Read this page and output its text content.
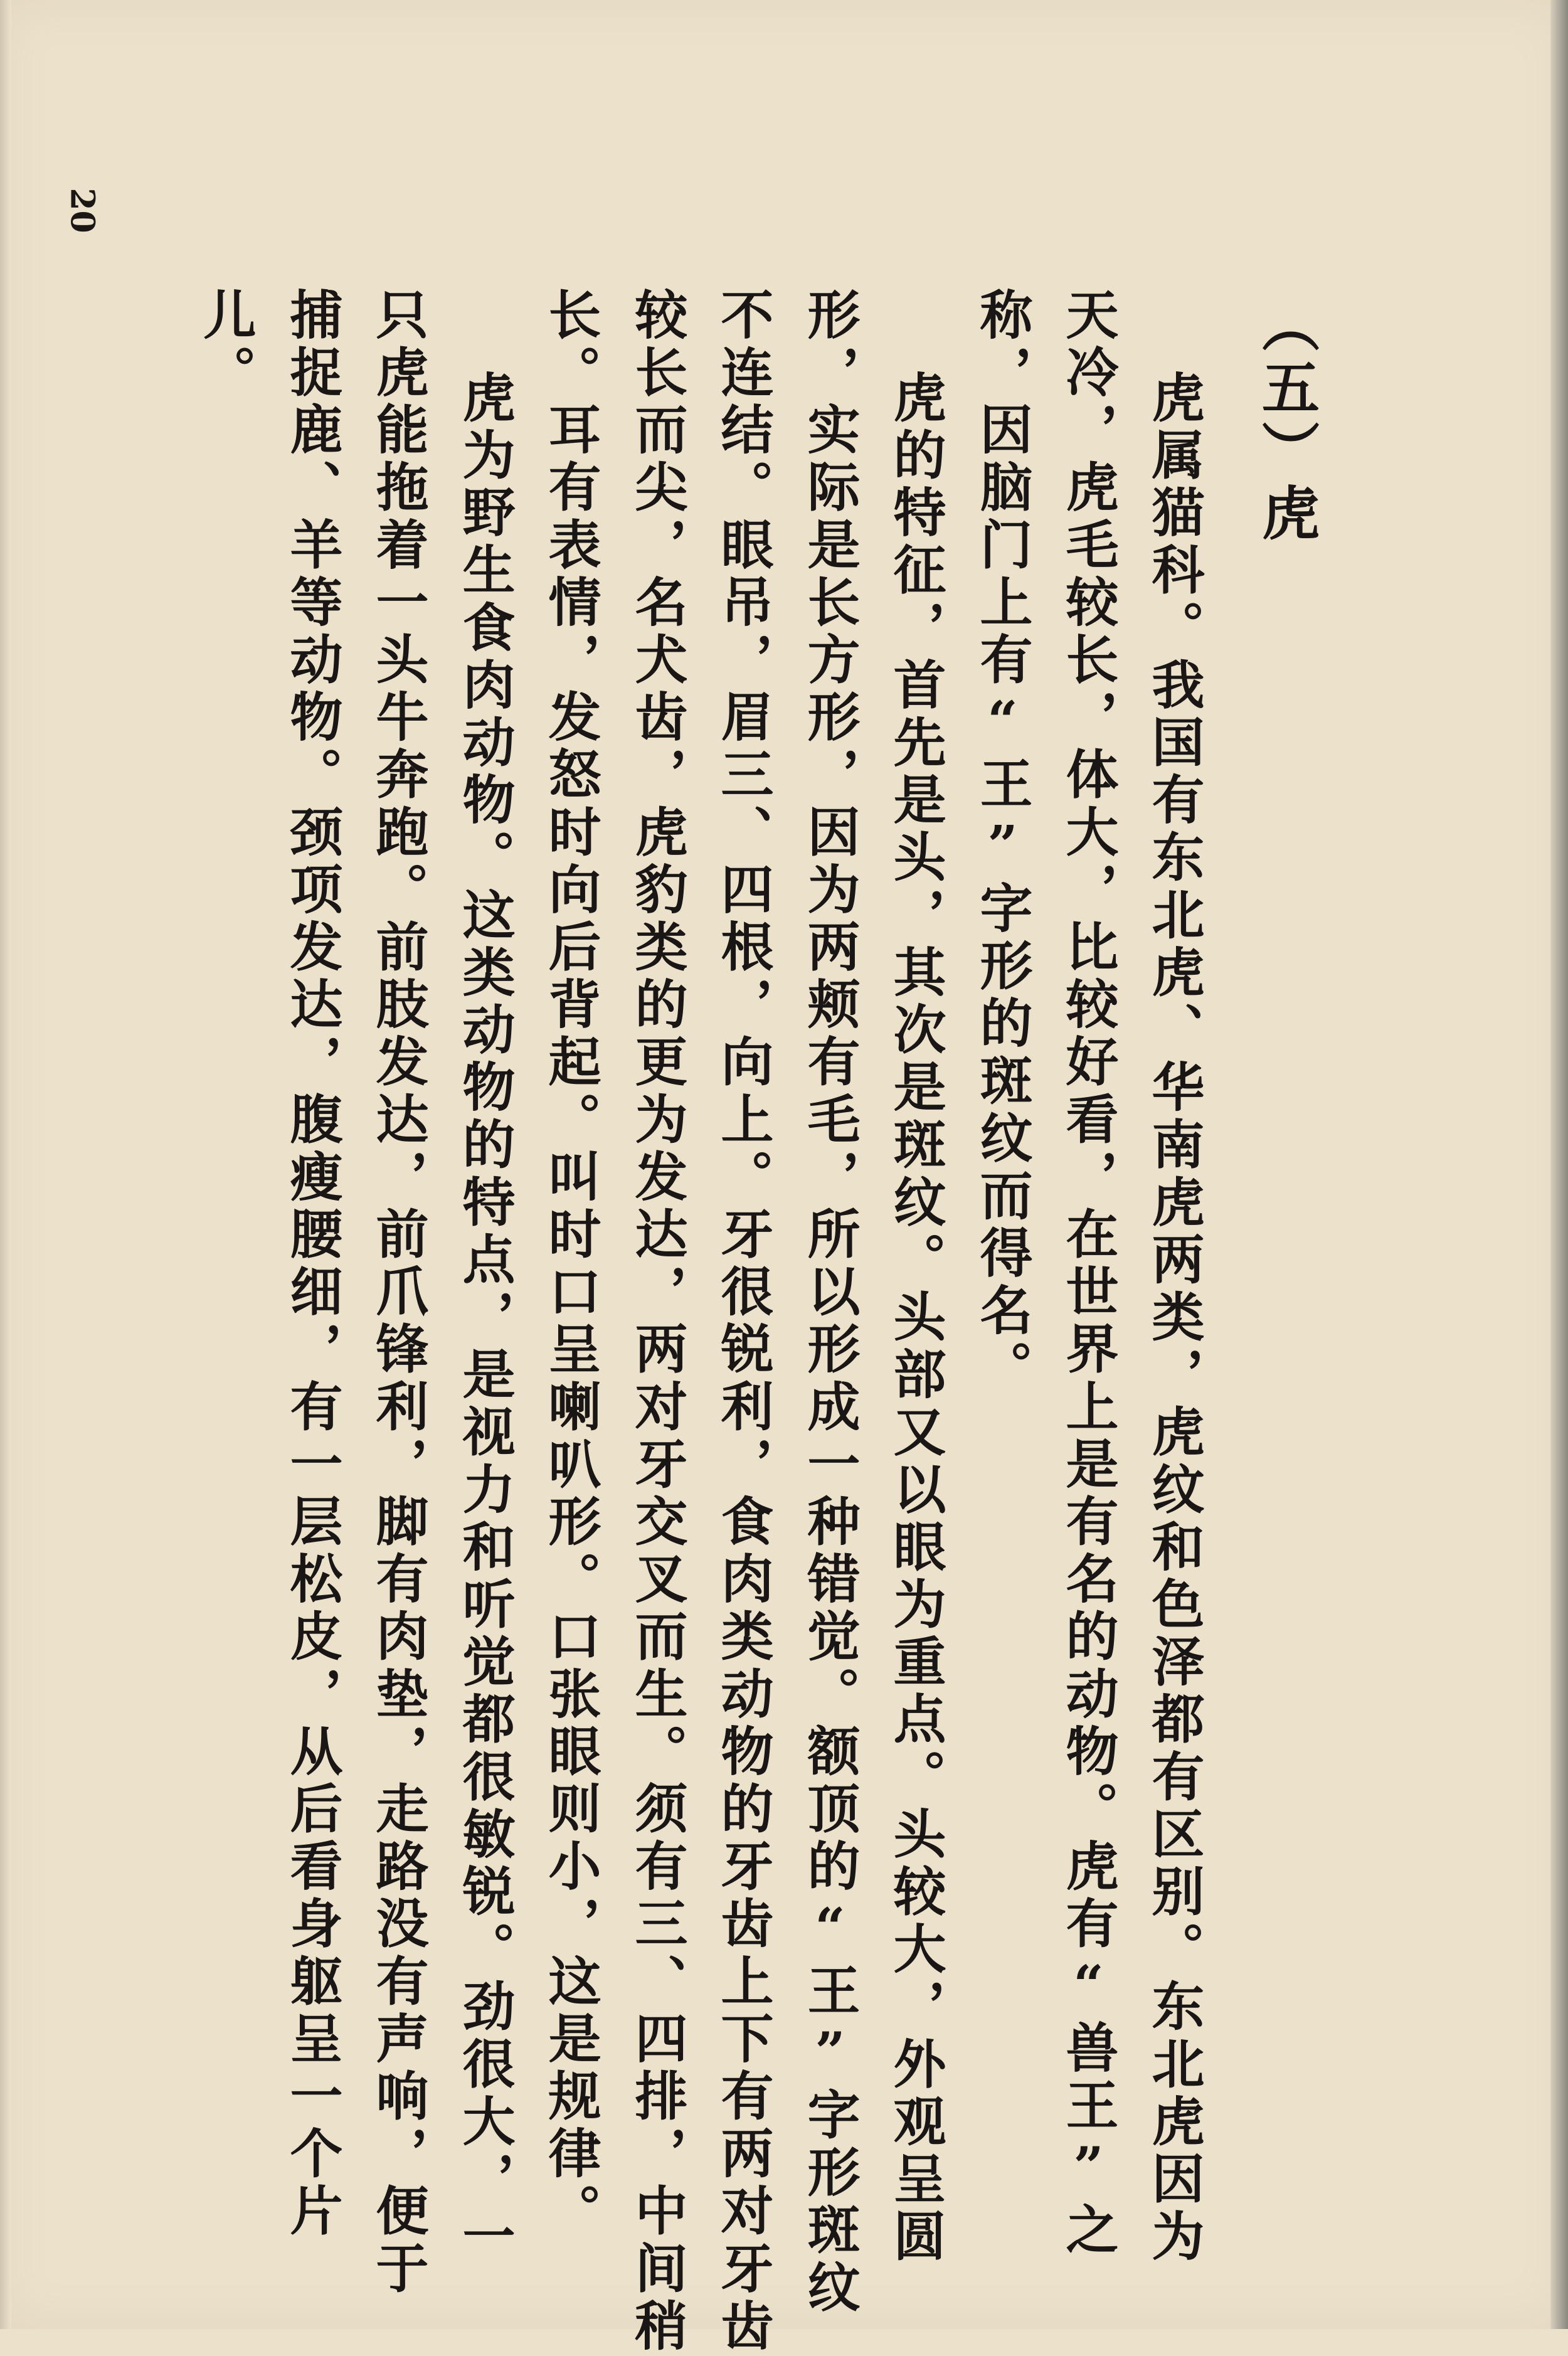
20
（五）虎
虎属猫科。我国有东北虎、华南虎两类，虎纹和色泽都有区别。东北虎因为
天冷，虎毛较长，体大，比较好看，在世界上是有名的动物。虎有“兽王”之
称，因脑门上有“王”字形的斑纹而得名。
虎的特征，首先是头，其次是斑纹。头部又以眼为重点。头较大，外观呈圆
形，实际是长方形，因为两颊有毛，所以形成一种错觉。额顶的“王”字形斑纹
不连结。眼吊，眉三、四根，向上。牙很锐利，食肉类动物的牙齿上下有两对牙齿
较长而尖，名犬齿，虎豹类的更为发达，两对牙交叉而生。须有三、四排，中间稍
长。耳有表情，发怒时向后背起。叫时口呈喇叭形。口张眼则小，这是规律。
虎为野生食肉动物。这类动物的特点，是视力和听觉都很敏锐。劲很大，一
只虎能拖着一头牛奔跑。前肢发达，前爪锋利，脚有肉垫，走路没有声响，便于
捕捉鹿、羊等动物。颈项发达，腹瘦腰细，有一层松皮，从后看身躯呈一个片
儿。
